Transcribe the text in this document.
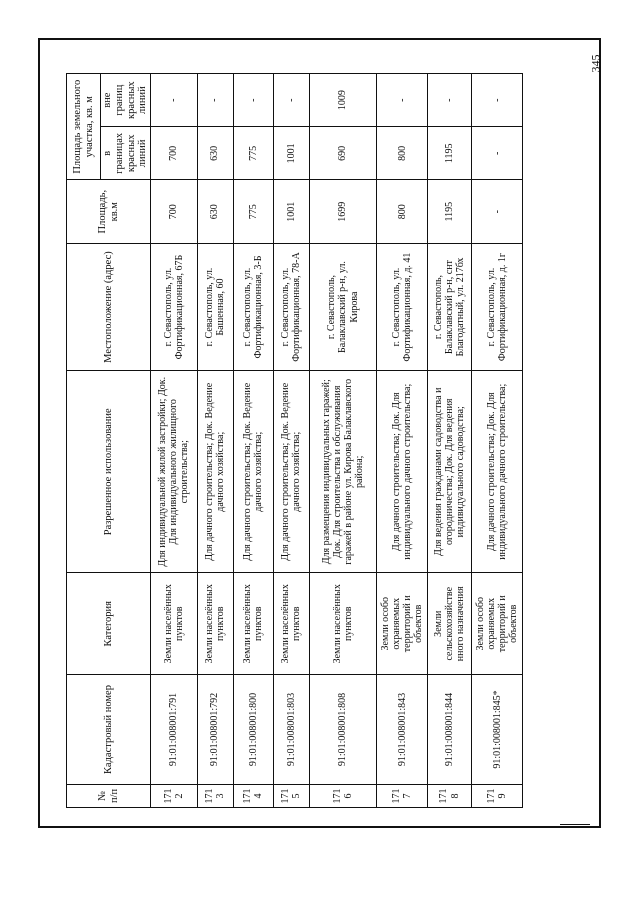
345
№ п/п	Кадастровый номер	Категория	Разрешенное использование	Местоположение (адрес)	Площадь, кв.м	Площадь земельного участка, кв. м	
						в границах красных линий	вне границ красных линий
171 2	91:01:008001:791	Земли населённых пунктов	Для индивидуальной жилой застройки; Док. Для индивидуального жилищного строительства;	г. Севастополь, ул. Фортификационная, 67Б	700	700	-
171 3	91:01:008001:792	Земли населённых пунктов	Для дачного строительства; Док. Ведение дачного хозяйства;	г. Севастополь, ул. Башенная, 60	630	630	-
171 4	91:01:008001:800	Земли населённых пунктов	Для дачного строительства; Док. Ведение дачного хозяйства;	г. Севастополь, ул. Фортификационная, 3-Б	775	775	-
171 5	91:01:008001:803	Земли населённых пунктов	Для дачного строительства; Док. Ведение дачного хозяйства;	г. Севастополь, ул. Фортификационная, 78-А	1001	1001	-
171 6	91:01:008001:808	Земли населённых пунктов	Для размещения индивидуальных гаражей; Док. Для строительства и обслуживания гаражей в районе ул. Кирова Балаклавского района;	г. Севастополь, Балаклавский р-н, ул. Кирова	1699	690	1009
171 7	91:01:008001:843	Земли особо охраняемых территорий и объектов	Для дачного строительства; Док. Для индивидуального дачного строительства;	г. Севастополь, ул. Фортификационная, д. 41	800	800	-
171 8	91:01:008001:844	Земли сельскохозяйстве нного назначения	Для ведения гражданами садоводства и огородничества; Док. Для ведения индивидуального садоводства;	г. Севастополь, Балаклавский р-н, снт Благодатный, ул. 217бх	1195	1195	-
171 9	91:01:008001:845*	Земли особо охраняемых территорий и объектов	Для дачного строительства; Док. Для индивидуального дачного строительства;	г. Севастополь, ул. Фортификационная, д. 1г	-	-	-
